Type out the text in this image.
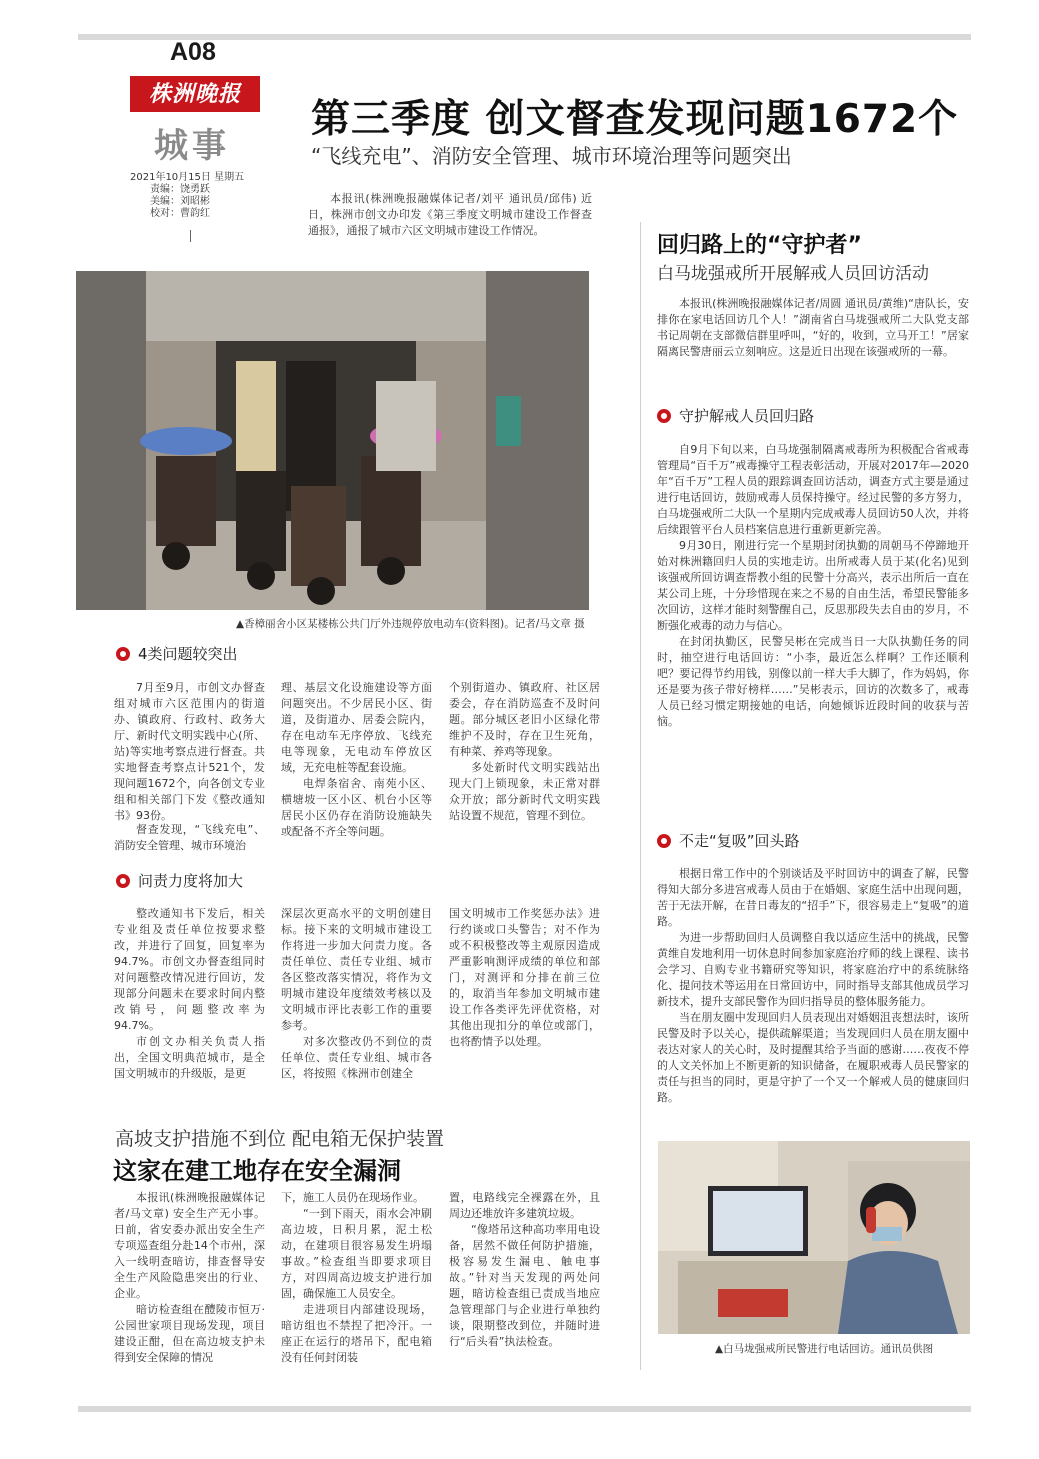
A08
株洲晚报
城事
2021年10月15日 星期五
责编：饶勇跃
美编：刘昭彬
校对：曹韵红
第三季度 创文督查发现问题1672个
“飞线充电”、消防安全管理、城市环境治理等问题突出

本报讯(株洲晚报融媒体记者/刘平 通讯员/邱伟) 近日，株洲市创文办印发《第三季度文明城市建设工作督查通报》，通报了城市六区文明城市建设工作情况。

▲香樟丽舍小区某楼栋公共门厅外违规停放电动车(资料图)。记者/马文章 摄
4类问题较突出

7月至9月，市创文办督查组对城市六区范围内的街道办、镇政府、行政村、政务大厅、新时代文明实践中心(所、站)等实地考察点进行督查。共实地督查考察点计521个，发现问题1672个，向各创文专业组和相关部门下发《整改通知书》93份。

督查发现，“飞线充电”、消防安全管理、城市环境治

理、基层文化设施建设等方面问题突出。不少居民小区、街道，及街道办、居委会院内，存在电动车无序停放、飞线充电等现象，无电动车停放区域，无充电桩等配套设施。

电焊条宿舍、南苑小区、横塘坡一区小区、机台小区等居民小区仍存在消防设施缺失或配备不齐全等问题。

个别街道办、镇政府、社区居委会，存在消防巡查不及时问题。部分城区老旧小区绿化带维护不及时，存在卫生死角，有种菜、养鸡等现象。

多处新时代文明实践站出现大门上锁现象，未正常对群众开放；部分新时代文明实践站设置不规范，管理不到位。

问责力度将加大

整改通知书下发后，相关专业组及责任单位按要求整改，并进行了回复，回复率为94.7%。市创文办督查组同时对问题整改情况进行回访，发现部分问题未在要求时间内整改销号，问题整改率为94.7%。

市创文办相关负责人指出，全国文明典范城市，是全国文明城市的升级版，是更

深层次更高水平的文明创建目标。接下来的文明城市建设工作将进一步加大问责力度。各责任单位、责任专业组、城市各区整改落实情况，将作为文明城市建设年度绩效考核以及文明城市评比表彰工作的重要参考。

对多次整改仍不到位的责任单位、责任专业组、城市各区，将按照《株洲市创建全

国文明城市工作奖惩办法》进行约谈或口头警告；对不作为或不积极整改等主观原因造成严重影响测评成绩的单位和部门，对测评和分排在前三位的，取消当年参加文明城市建设工作各类评先评优资格，对其他出现扣分的单位或部门，也将酌情予以处理。

高坡支护措施不到位 配电箱无保护装置
这家在建工地存在安全漏洞

本报讯(株洲晚报融媒体记者/马文章) 安全生产无小事。日前，省安委办派出安全生产专项巡查组分赴14个市州，深入一线明查暗访，排查督导安全生产风险隐患突出的行业、企业。

暗访检查组在醴陵市恒万·公园世家项目现场发现，项目建设正酣，但在高边坡支护未得到安全保障的情况

下，施工人员仍在现场作业。

“一到下雨天，雨水会冲刷高边坡，日积月累，泥土松动，在建项目很容易发生坍塌事故。”检查组当即要求项目方，对四周高边坡支护进行加固，确保施工人员安全。

走进项目内部建设现场，暗访组也不禁捏了把冷汗。一座正在运行的塔吊下，配电箱没有任何封闭装

置，电路线完全裸露在外，且周边还堆放许多建筑垃圾。

“像塔吊这种高功率用电设备，居然不做任何防护措施，极容易发生漏电、触电事故。”针对当天发现的两处问题，暗访检查组已责成当地应急管理部门与企业进行单独约谈，限期整改到位，并随时进行“后头看”执法检查。

回归路上的“守护者”
白马垅强戒所开展解戒人员回访活动

本报讯(株洲晚报融媒体记者/周圆 通讯员/黄维)“唐队长，安排你在家电话回访几个人！”湖南省白马垅强戒所二大队党支部书记周朝在支部微信群里呼叫，“好的，收到，立马开工！”居家隔离民警唐丽云立刻响应。这是近日出现在该强戒所的一幕。

守护解戒人员回归路

自9月下旬以来，白马垅强制隔离戒毒所为积极配合省戒毒管理局“百千万”戒毒操守工程表彰活动，开展对2017年—2020年“百千万”工程人员的跟踪调查回访活动，调查方式主要是通过进行电话回访，鼓励戒毒人员保持操守。经过民警的多方努力，白马垅强戒所二大队一个星期内完成戒毒人员回访50人次，并将后续跟管平台人员档案信息进行重新更新完善。

9月30日，刚进行完一个星期封闭执勤的周朝马不停蹄地开始对株洲籍回归人员的实地走访。出所戒毒人员于某(化名)见到该强戒所回访调查帮教小组的民警十分高兴，表示出所后一直在某公司上班，十分珍惜现在来之不易的自由生活，希望民警能多次回访，这样才能时刻警醒自己，反思那段失去自由的岁月，不断强化戒毒的动力与信心。

在封闭执勤区，民警吴彬在完成当日一大队执勤任务的同时，抽空进行电话回访：“小李，最近怎么样啊？工作还顺利吧？要记得节约用钱，别像以前一样大手大脚了，作为妈妈，你还是要为孩子带好榜样……”吴彬表示，回访的次数多了，戒毒人员已经习惯定期接她的电话，向她倾诉近段时间的收获与苦恼。

不走“复吸”回头路

根据日常工作中的个别谈话及平时回访中的调查了解，民警得知大部分多进宫戒毒人员由于在婚姻、家庭生活中出现问题，苦于无法开解，在昔日毒友的“招手”下，很容易走上“复吸”的道路。

为进一步帮助回归人员调整自我以适应生活中的挑战，民警黄维自发地利用一切休息时间参加家庭治疗师的线上课程、读书会学习、自购专业书籍研究等知识，将家庭治疗中的系统脉络化、提问技术等运用在日常回访中，同时指导支部其他成员学习新技术，提升支部民警作为回归指导员的整体服务能力。

当在朋友圈中发现回归人员表现出对婚姻沮丧想法时，该所民警及时予以关心，提供疏解渠道；当发现回归人员在朋友圈中表达对家人的关心时，及时提醒其给予当面的感谢……夜夜不停的人文关怀加上不断更新的知识储备，在履职戒毒人员民警家的责任与担当的同时，更是守护了一个又一个解戒人员的健康回归路。

▲白马垅强戒所民警进行电话回访。通讯员供图
